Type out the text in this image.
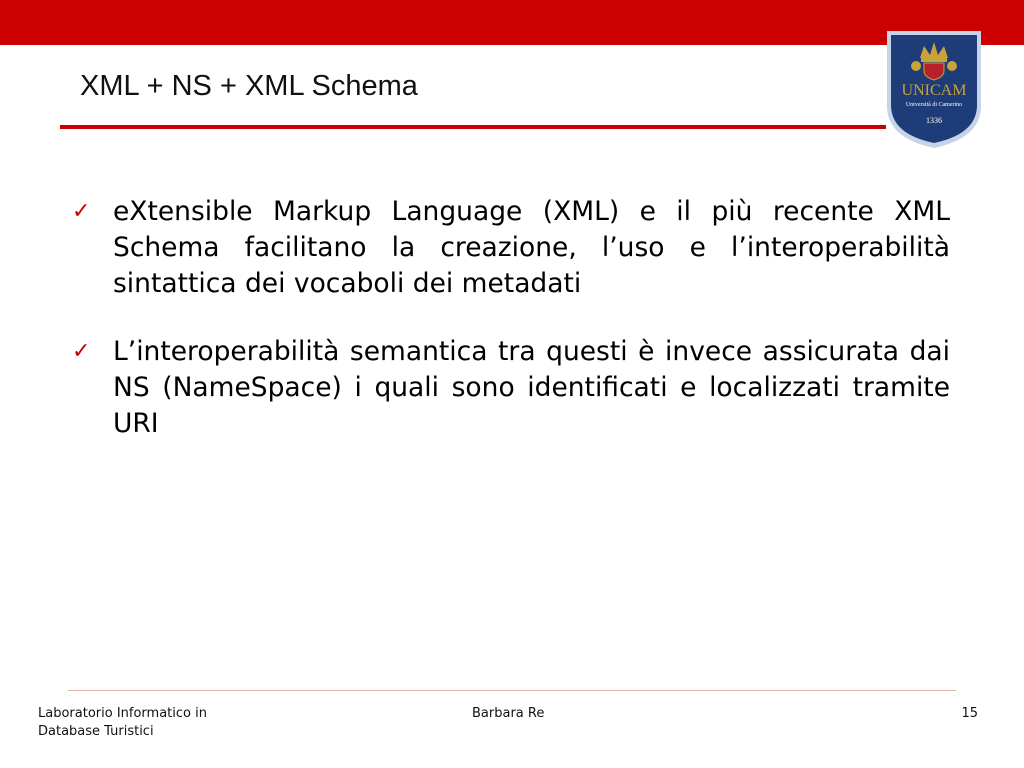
XML + NS + XML Schema	UNICAM
Università di Camerino
1336
✓ eXtensible Markup Language (XML) e il più recente XML Schema facilitano la creazione, l’uso e l’interoperabilità sintattica dei vocaboli dei metadati
✓ L’interoperabilità semantica tra questi è invece assicurata dai NS (NameSpace) i quali sono identificati e localizzati tramite URI
Laboratorio Informatico in
Database Turistici
Barbara Re	15
